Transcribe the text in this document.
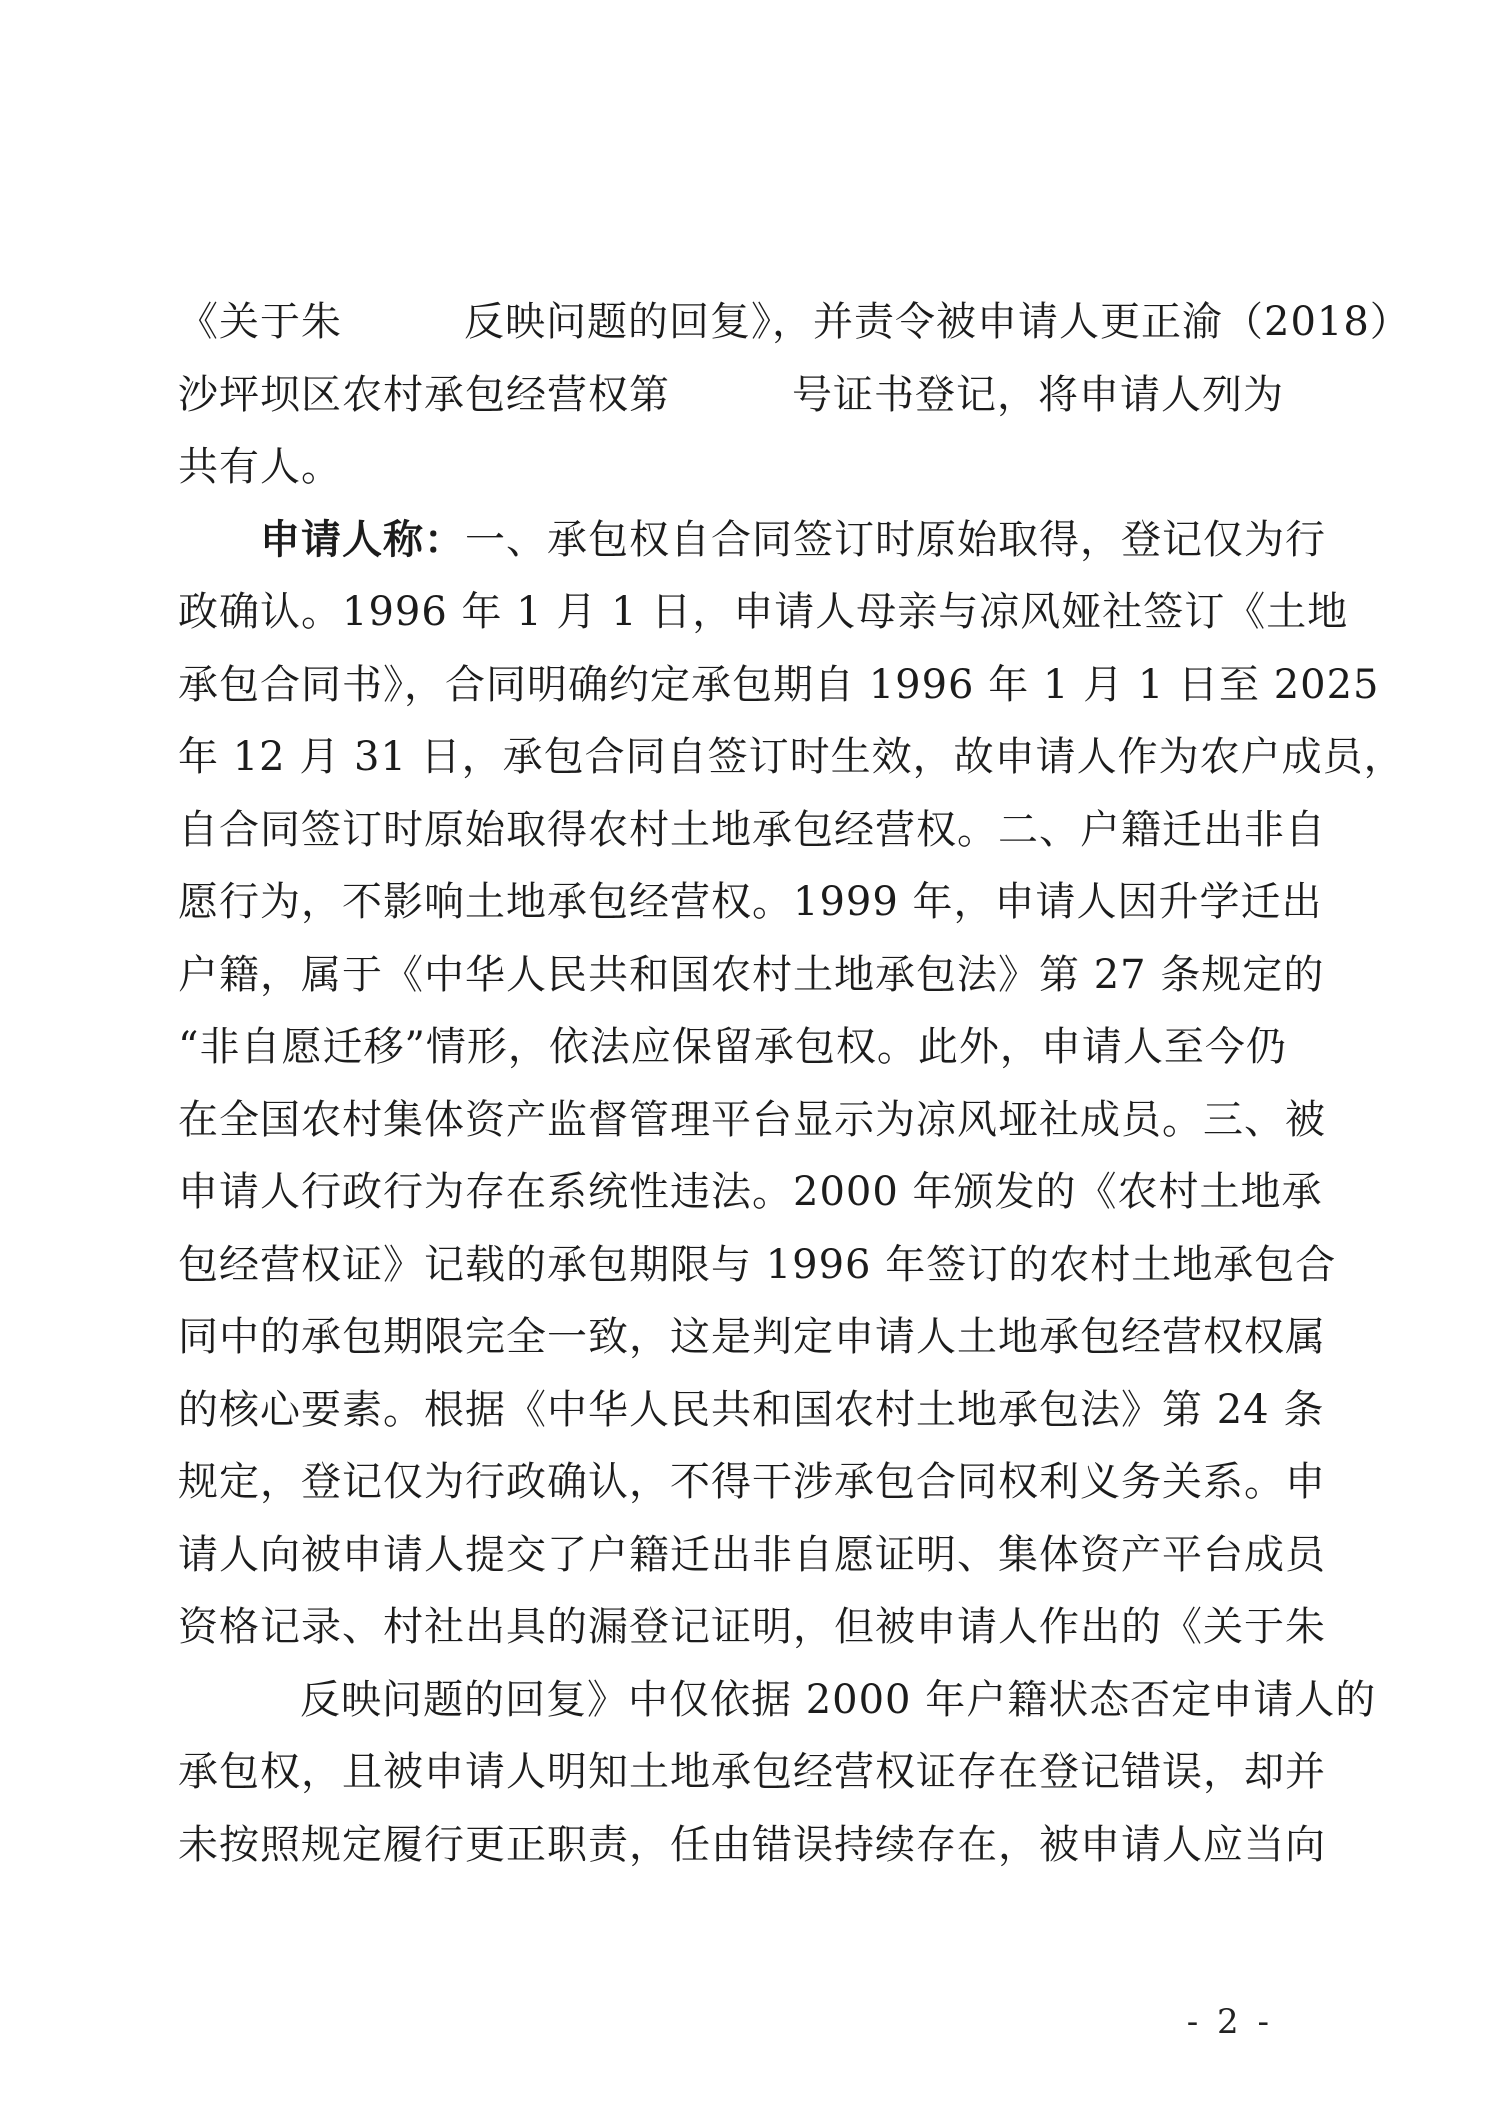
《关于朱	反映问题的回复》，并责令被申请人更正渝（2018）
沙坪坝区农村承包经营权第	号证书登记，将申请人列为
共有人。
申请人称：一、承包权自合同签订时原始取得，登记仅为行
政确认。1996 年 1 月 1 日，申请人母亲与凉风娅社签订《土地
承包合同书》，合同明确约定承包期自 1996 年 1 月 1 日至 2025
年 12 月 31 日，承包合同自签订时生效，故申请人作为农户成员，
自合同签订时原始取得农村土地承包经营权。二、户籍迁出非自
愿行为，不影响土地承包经营权。1999 年，申请人因升学迁出
户籍，属于《中华人民共和国农村土地承包法》第 27 条规定的
“非自愿迁移”情形，依法应保留承包权。此外，申请人至今仍
在全国农村集体资产监督管理平台显示为凉风垭社成员。三、被
申请人行政行为存在系统性违法。2000 年颁发的《农村土地承
包经营权证》记载的承包期限与 1996 年签订的农村土地承包合
同中的承包期限完全一致，这是判定申请人土地承包经营权权属
的核心要素。根据《中华人民共和国农村土地承包法》第 24 条
规定，登记仅为行政确认，不得干涉承包合同权利义务关系。申
请人向被申请人提交了户籍迁出非自愿证明、集体资产平台成员
资格记录、村社出具的漏登记证明，但被申请人作出的《关于朱
反映问题的回复》中仅依据 2000 年户籍状态否定申请人的
承包权，且被申请人明知土地承包经营权证存在登记错误，却并
未按照规定履行更正职责，任由错误持续存在，被申请人应当向
- 2 -
